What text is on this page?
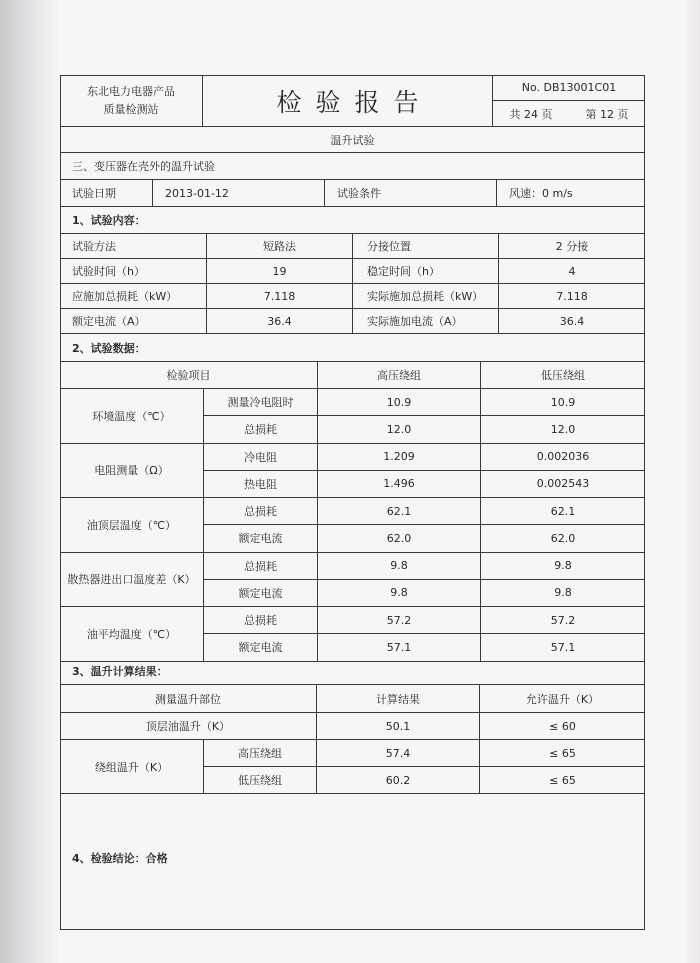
东北电力电器产品
质量检测站	检验报告	No. DB13001C01
共 24 页	第 12 页
温升试验
三、变压器在壳外的温升试验
试验日期	2013-01-12	试验条件	风速：0 m/s
1、试验内容：
试验方法	短路法	分接位置	2 分接
试验时间（h）	19	稳定时间（h）	4
应施加总损耗（kW）	7.118	实际施加总损耗（kW）	7.118
额定电流（A）	36.4	实际施加电流（A）	36.4
2、试验数据：
检验项目	高压绕组	低压绕组
环境温度（℃）
测量冷电阻时	10.9	10.9
总损耗	12.0	12.0
电阻测量（Ω）
冷电阻	1.209	0.002036
热电阻	1.496	0.002543
油顶层温度（℃）
总损耗	62.1	62.1
额定电流	62.0	62.0
散热器进出口温度差（K）
总损耗	9.8	9.8
额定电流	9.8	9.8
油平均温度（℃）
总损耗	57.2	57.2
额定电流	57.1	57.1
3、温升计算结果：
测量温升部位	计算结果	允许温升（K）
顶层油温升（K）	50.1	≤ 60
绕组温升（K）
高压绕组	57.4	≤ 65
低压绕组	60.2	≤ 65
4、检验结论：合格
